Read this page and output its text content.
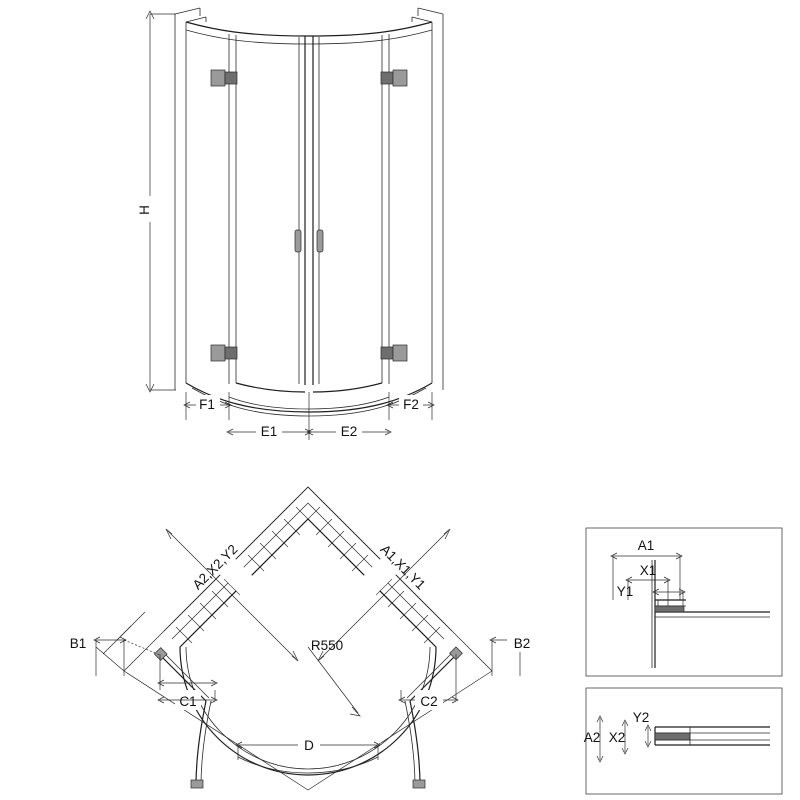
H
F1	F2
E1	E2
A2,X2,Y2	A1,X1,Y1
B1	B2
C1	C2
R550
D
A1
X1
Y1
A2 X2
Y2
